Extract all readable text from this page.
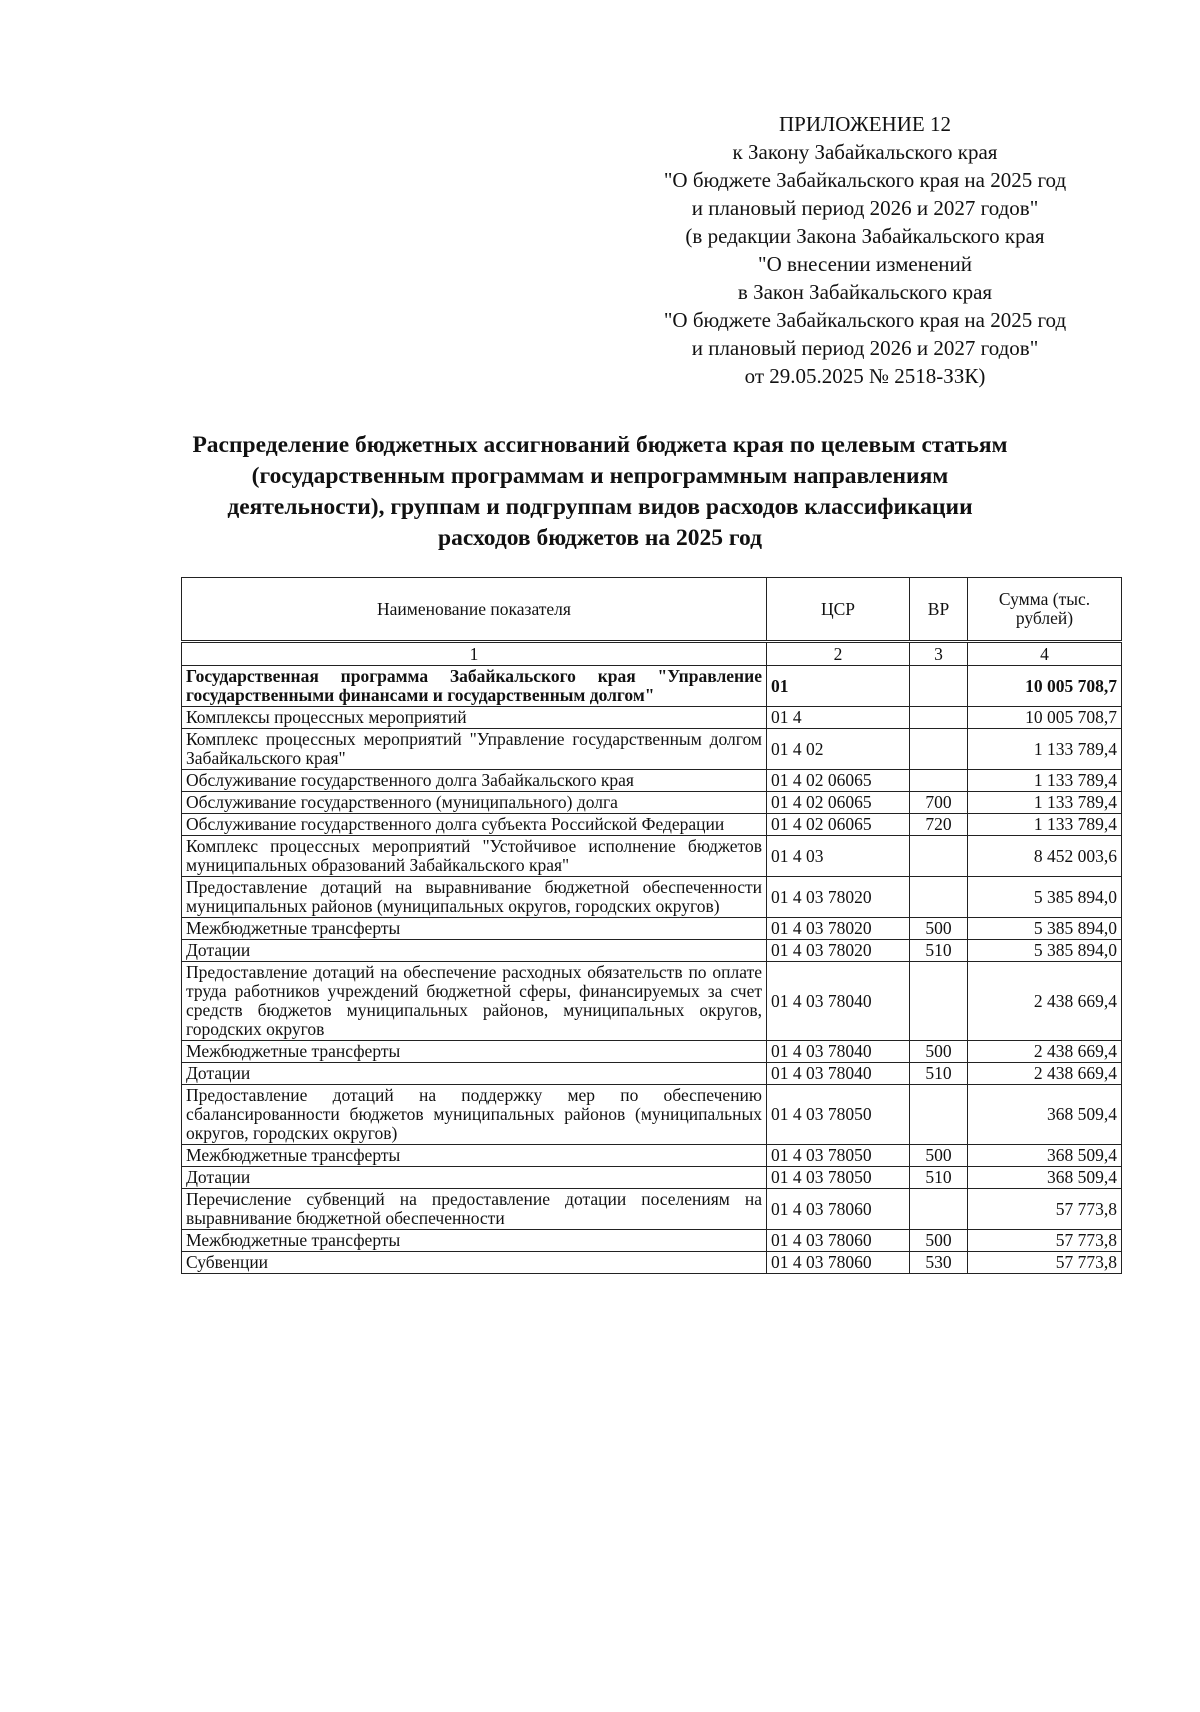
ПРИЛОЖЕНИЕ 12
к Закону Забайкальского края
"О бюджете Забайкальского края на 2025 год
и плановый период 2026 и 2027 годов"
(в редакции Закона Забайкальского края
"О внесении изменений
в Закон Забайкальского края
"О бюджете Забайкальского края на 2025 год
и плановый период 2026 и 2027 годов"
от 29.05.2025 № 2518-ЗЗК)
Распределение бюджетных ассигнований бюджета края по целевым статьям
(государственным программам и непрограммным направлениям
деятельности), группам и подгруппам видов расходов классификации
расходов бюджетов на 2025 год
Наименование показателя	ЦСР	ВР	Сумма (тыс. рублей)
1	2	3	4
Государственная программа Забайкальского края "Управление государственными финансами и государственным долгом"	01		10 005 708,7
Комплексы процессных мероприятий	01 4		10 005 708,7
Комплекс процессных мероприятий "Управление государственным долгом Забайкальского края"	01 4 02		1 133 789,4
Обслуживание государственного долга Забайкальского края	01 4 02 06065		1 133 789,4
Обслуживание государственного (муниципального) долга	01 4 02 06065	700	1 133 789,4
Обслуживание государственного долга субъекта Российской Федерации	01 4 02 06065	720	1 133 789,4
Комплекс процессных мероприятий "Устойчивое исполнение бюджетов муниципальных образований Забайкальского края"	01 4 03		8 452 003,6
Предоставление дотаций на выравнивание бюджетной обеспеченности муниципальных районов (муниципальных округов, городских округов)	01 4 03 78020		5 385 894,0
Межбюджетные трансферты	01 4 03 78020	500	5 385 894,0
Дотации	01 4 03 78020	510	5 385 894,0
Предоставление дотаций на обеспечение расходных обязательств по оплате труда работников учреждений бюджетной сферы, финансируемых за счет средств бюджетов муниципальных районов, муниципальных округов, городских округов	01 4 03 78040		2 438 669,4
Межбюджетные трансферты	01 4 03 78040	500	2 438 669,4
Дотации	01 4 03 78040	510	2 438 669,4
Предоставление дотаций на поддержку мер по обеспечению сбалансированности бюджетов муниципальных районов (муниципальных округов, городских округов)	01 4 03 78050		368 509,4
Межбюджетные трансферты	01 4 03 78050	500	368 509,4
Дотации	01 4 03 78050	510	368 509,4
Перечисление субвенций на предоставление дотации поселениям на выравнивание бюджетной обеспеченности	01 4 03 78060		57 773,8
Межбюджетные трансферты	01 4 03 78060	500	57 773,8
Субвенции	01 4 03 78060	530	57 773,8
